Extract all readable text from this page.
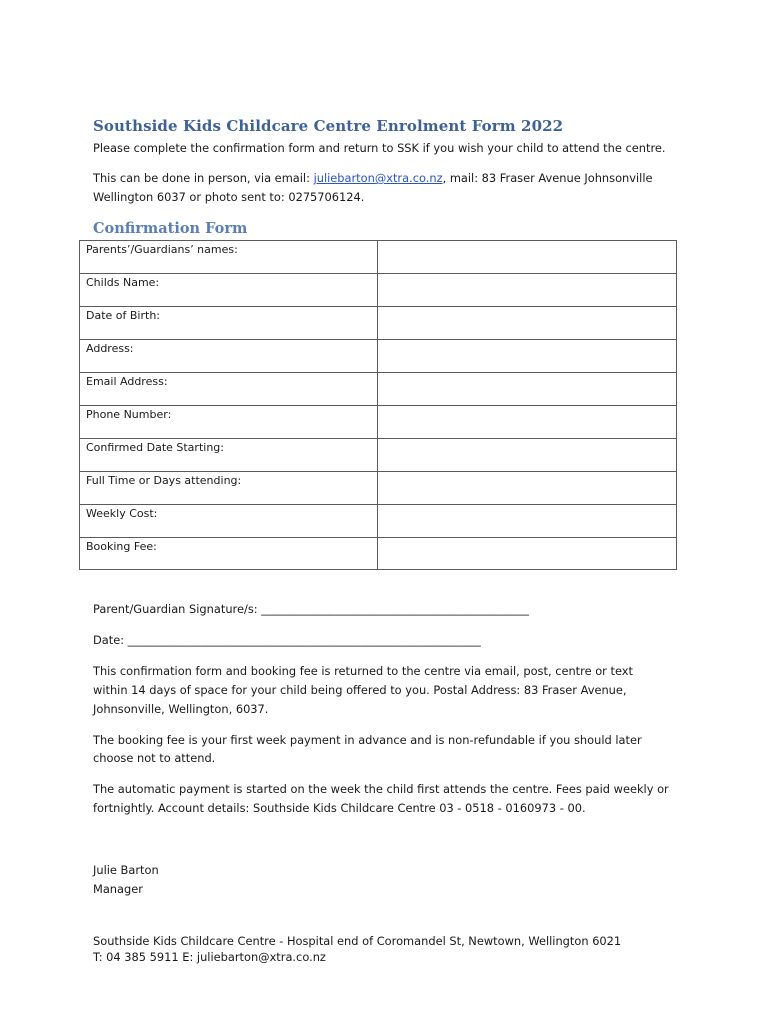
Southside Kids Childcare Centre Enrolment Form 2022

Please complete the confirmation form and return to SSK if you wish your child to attend the centre.

This can be done in person, via email: juliebarton@xtra.co.nz, mail: 83 Fraser Avenue Johnsonville

Wellington 6037 or photo sent to: 0275706124.

Confirmation Form
Parents’/Guardians’ names:	

Childs Name:	

Date of Birth:	

Address:	

Email Address:	

Phone Number:	

Confirmed Date Starting:	

Full Time or Days attending:	

Weekly Cost:	

Booking Fee:	

Parent/Guardian Signature/s: _______________________________________________

Date: ______________________________________________________________

This confirmation form and booking fee is returned to the centre via email, post, centre or text

within 14 days of space for your child being offered to you. Postal Address: 83 Fraser Avenue,

Johnsonville, Wellington, 6037.

The booking fee is your first week payment in advance and is non-refundable if you should later

choose not to attend.

The automatic payment is started on the week the child first attends the centre. Fees paid weekly or

fortnightly. Account details: Southside Kids Childcare Centre 03 - 0518 - 0160973 - 00.

Julie Barton

Manager

Southside Kids Childcare Centre - Hospital end of Coromandel St, Newtown, Wellington 6021

T: 04 385 5911 E: juliebarton@xtra.co.nz
